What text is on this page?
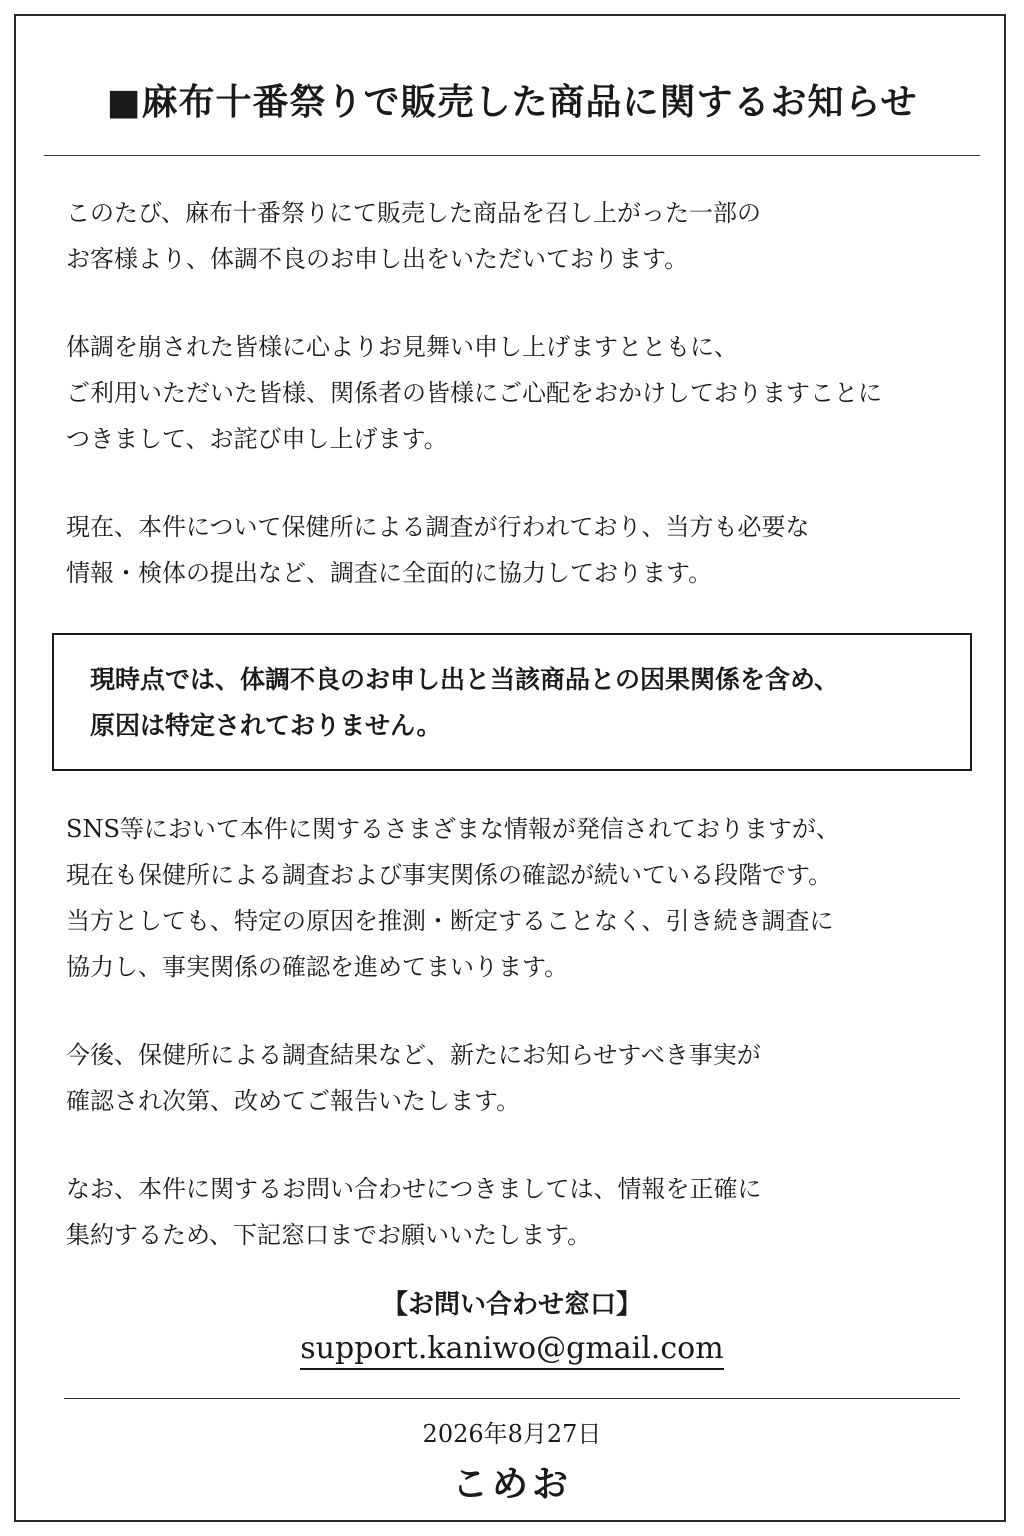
■麻布十番祭りで販売した商品に関するお知らせ

このたび、麻布十番祭りにて販売した商品を召し上がった一部の
お客様より、体調不良のお申し出をいただいております。

体調を崩された皆様に心よりお見舞い申し上げますとともに、
ご利用いただいた皆様、関係者の皆様にご心配をおかけしておりますことに
つきまして、お詫び申し上げます。

現在、本件について保健所による調査が行われており、当方も必要な
情報・検体の提出など、調査に全面的に協力しております。

現時点では、体調不良のお申し出と当該商品との因果関係を含め、
原因は特定されておりません。

SNS等において本件に関するさまざまな情報が発信されておりますが、
現在も保健所による調査および事実関係の確認が続いている段階です。
当方としても、特定の原因を推測・断定することなく、引き続き調査に
協力し、事実関係の確認を進めてまいります。

今後、保健所による調査結果など、新たにお知らせすべき事実が
確認され次第、改めてご報告いたします。

なお、本件に関するお問い合わせにつきましては、情報を正確に
集約するため、下記窓口までお願いいたします。

【お問い合わせ窓口】
support.kaniwo@gmail.com
2026年8月27日
こめお
